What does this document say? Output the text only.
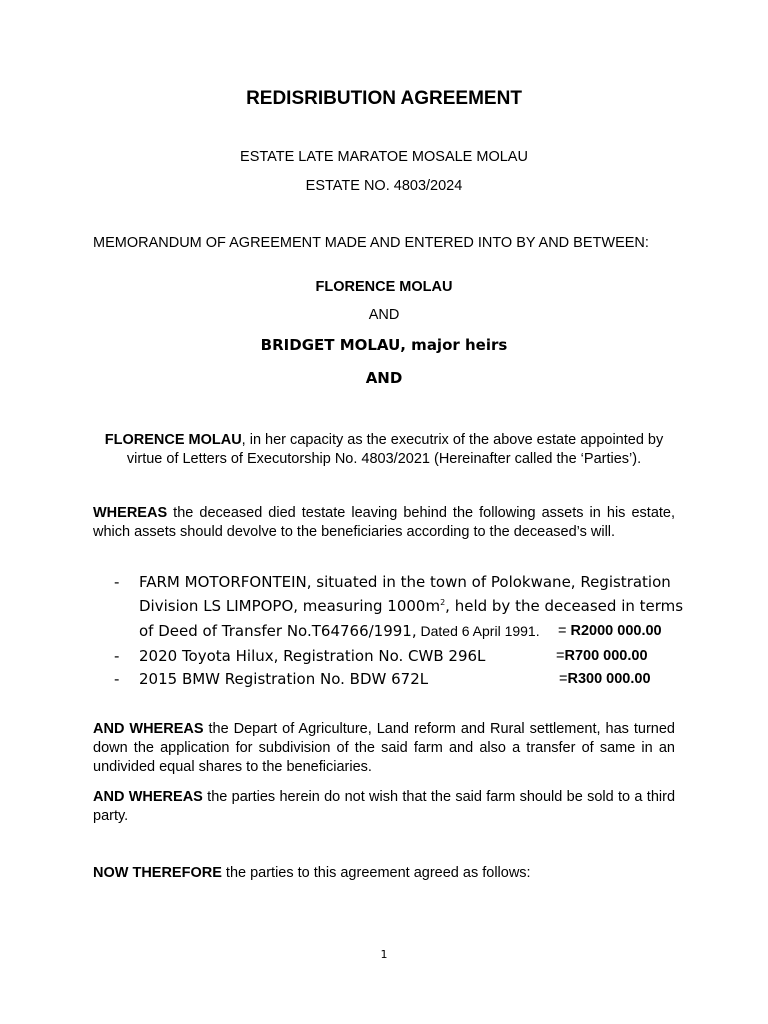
REDISRIBUTION AGREEMENT
ESTATE LATE MARATOE MOSALE MOLAU
ESTATE NO. 4803/2024
MEMORANDUM OF AGREEMENT MADE AND ENTERED INTO BY AND BETWEEN:
FLORENCE MOLAU
AND
BRIDGET MOLAU, major heirs
AND
FLORENCE MOLAU, in her capacity as the executrix of the above estate appointed by virtue of Letters of Executorship No. 4803/2021 (Hereinafter called the ‘Parties’).
WHEREAS the deceased died testate leaving behind the following assets in his estate, which assets should devolve to the beneficiaries according to the deceased’s will.
- FARM MOTORFONTEIN, situated in the town of Polokwane, Registration
Division LS LIMPOPO, measuring $1000m^2$, held by the deceased in terms
of Deed of Transfer No.T64766/1991, Dated 6 April 1991. = R2000 000.00
- 2020 Toyota Hilux, Registration No. CWB 296L	=R700 000.00
- 2015 BMW Registration No. BDW 672L	=R300 000.00
AND WHEREAS the Depart of Agriculture, Land reform and Rural settlement, has turned down the application for subdivision of the said farm and also a transfer of same in an undivided equal shares to the beneficiaries.
AND WHEREAS the parties herein do not wish that the said farm should be sold to a third party.
NOW THEREFORE the parties to this agreement agreed as follows:
1
